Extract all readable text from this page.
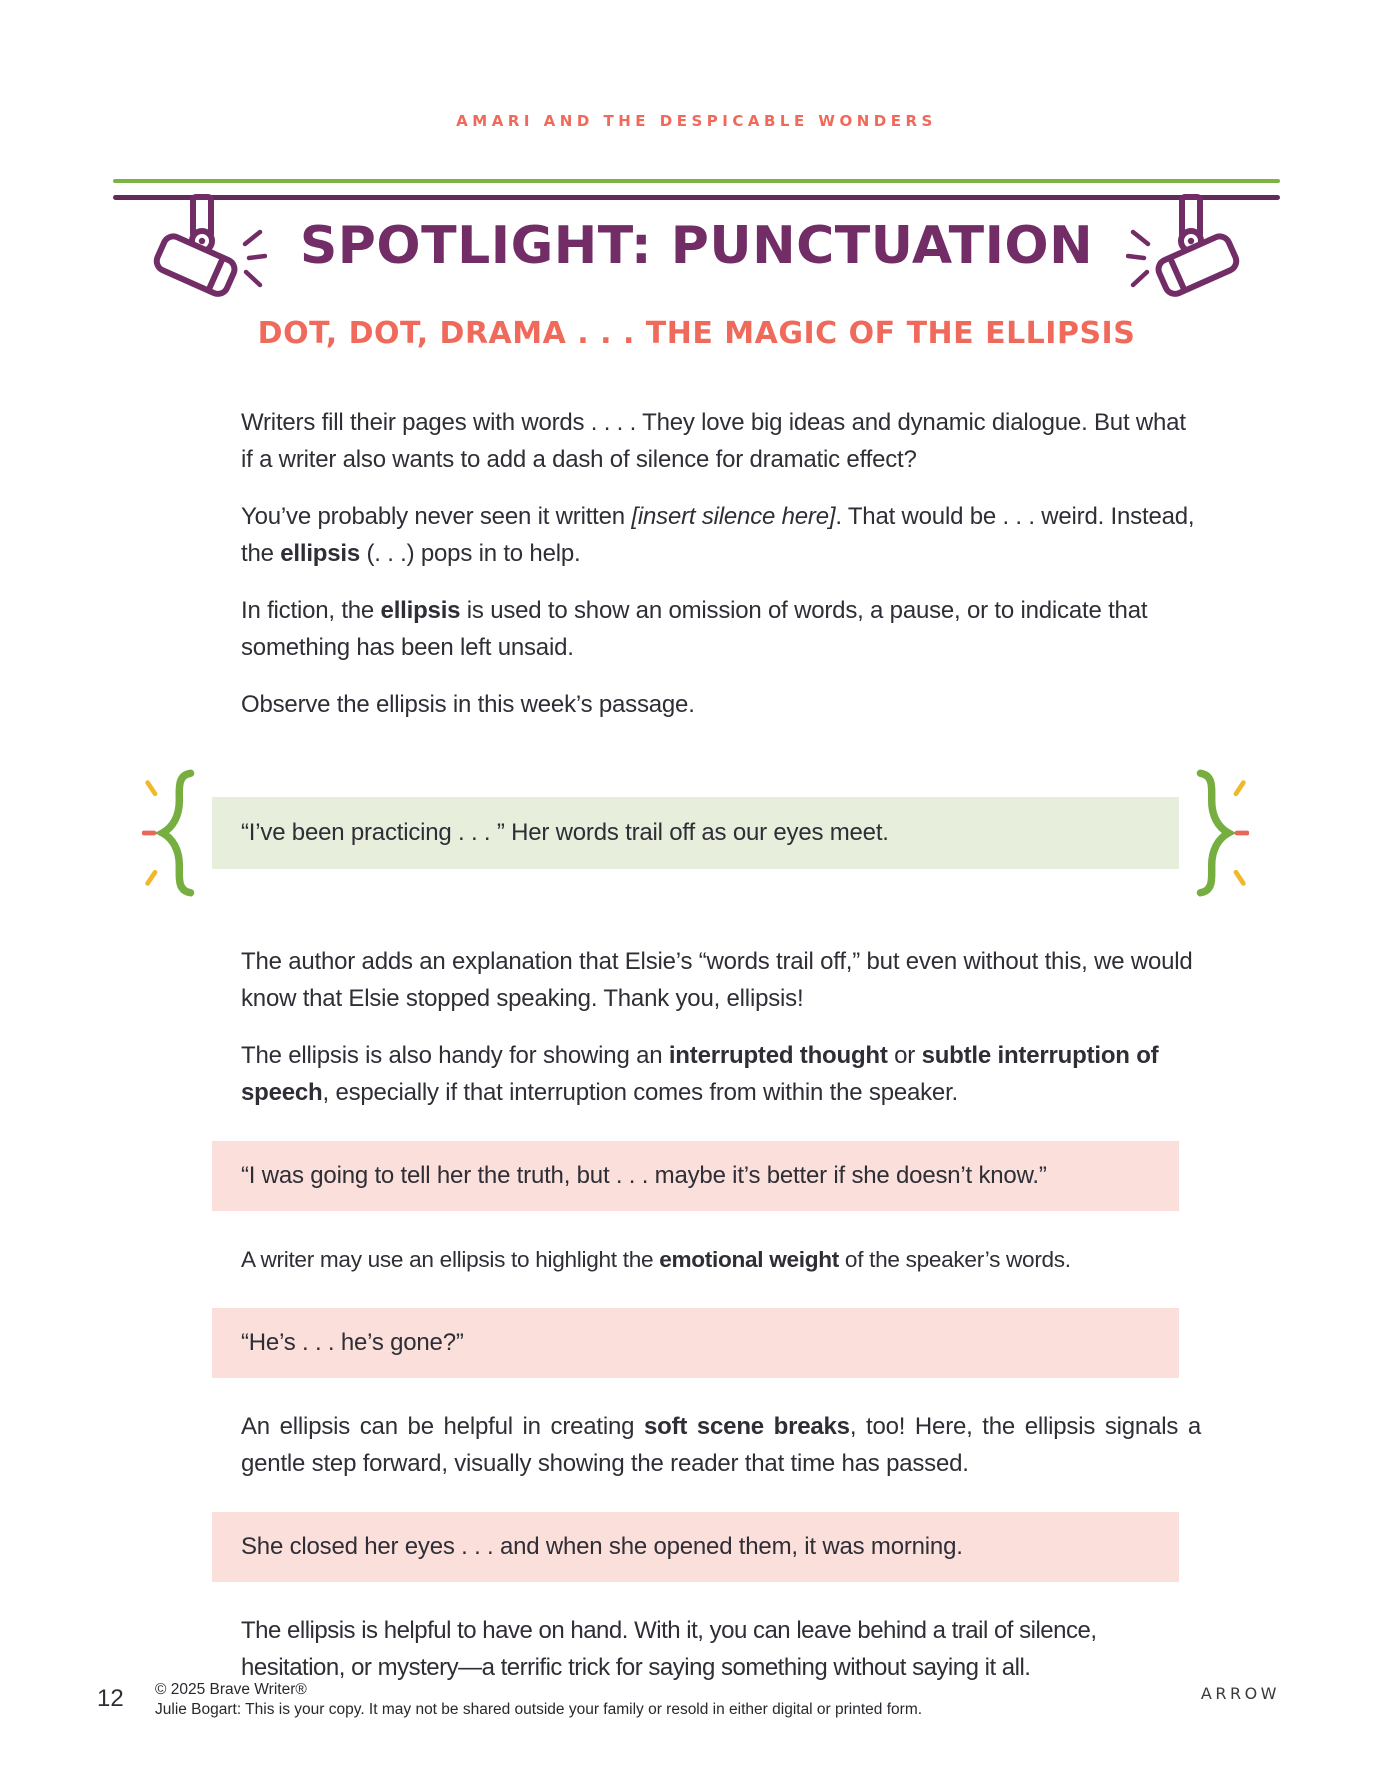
AMARI AND THE DESPICABLE WONDERS
SPOTLIGHT: PUNCTUATION
DOT, DOT, DRAMA . . . THE MAGIC OF THE ELLIPSIS

Writers fill their pages with words . . . . They love big ideas and dynamic dialogue. But what if a writer also wants to add a dash of silence for dramatic effect?

You’ve probably never seen it written [insert silence here]. That would be . . . weird. Instead, the ellipsis (. . .) pops in to help.

In fiction, the ellipsis is used to show an omission of words, a pause, or to indicate that something has been left unsaid.

Observe the ellipsis in this week’s passage.

“I’ve been practicing . . . ” Her words trail off as our eyes meet.

The author adds an explanation that Elsie’s “words trail off,” but even without this, we would know that Elsie stopped speaking. Thank you, ellipsis!

The ellipsis is also handy for showing an interrupted thought or subtle interruption of speech, especially if that interruption comes from within the speaker.

“I was going to tell her the truth, but . . . maybe it’s better if she doesn’t know.”

A writer may use an ellipsis to highlight the emotional weight of the speaker’s words.

“He’s . . . he’s gone?”

An ellipsis can be helpful in creating soft scene breaks, too! Here, the ellipsis signals a gentle step forward, visually showing the reader that time has passed.

She closed her eyes . . . and when she opened them, it was morning.

The ellipsis is helpful to have on hand. With it, you can leave behind a trail of silence, hesitation, or mystery—a terrific trick for saying something without saying it all.

12 © 2025 Brave Writer®
Julie Bogart: This is your copy. It may not be shared outside your family or resold in either digital or printed form.
ARROW
